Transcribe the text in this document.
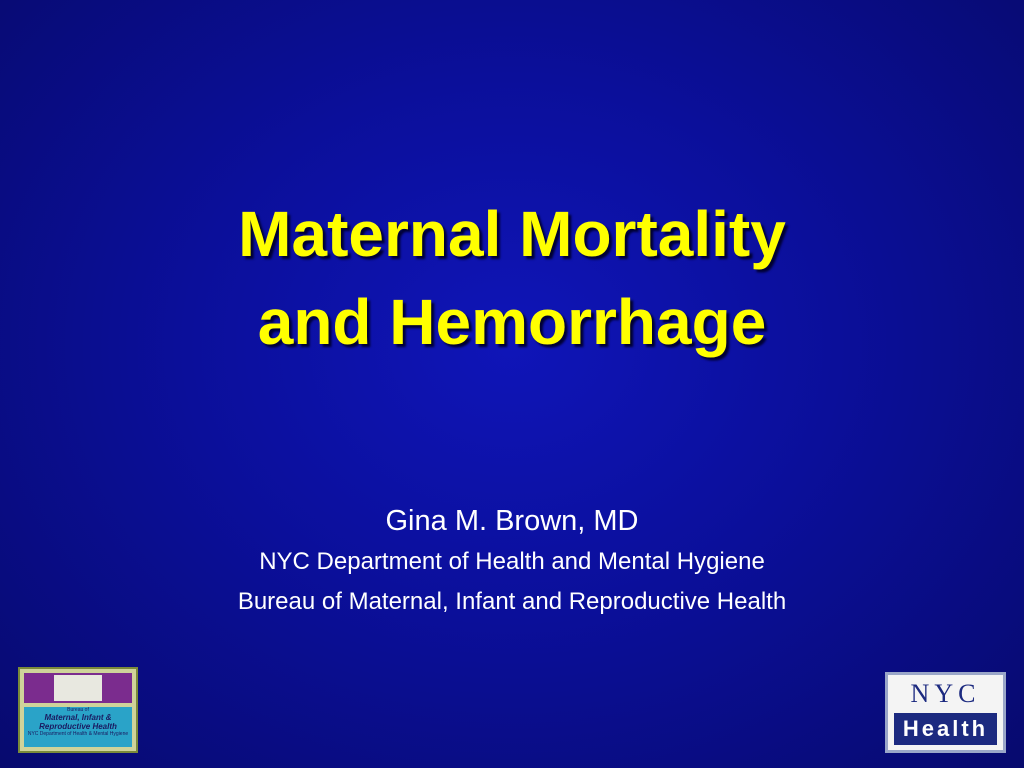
Maternal Mortality
and Hemorrhage
Gina M. Brown, MD
NYC Department of Health and Mental Hygiene
Bureau of Maternal, Infant and Reproductive Health
Bureau of
Maternal, Infant &
Reproductive Health
NYC Department of Health & Mental Hygiene
NYC
Health
